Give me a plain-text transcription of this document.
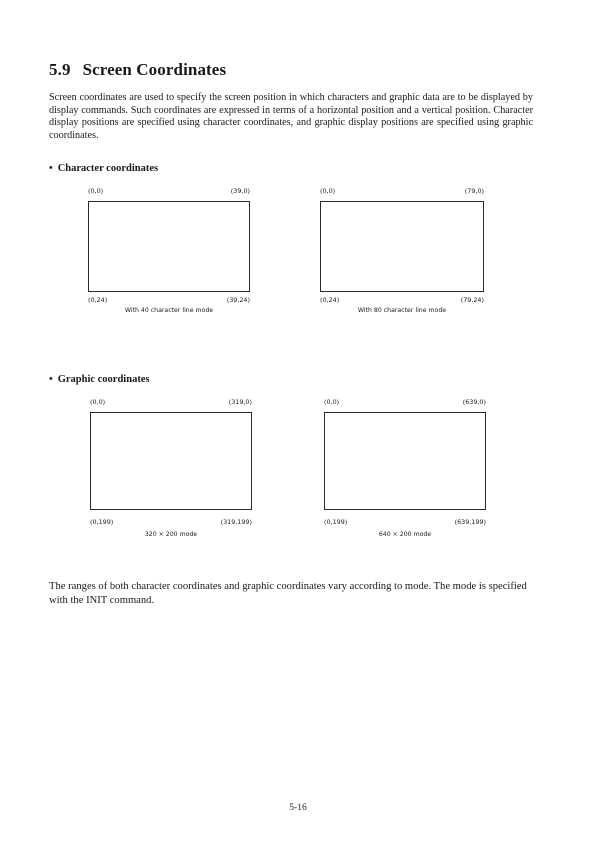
5.9 Screen Coordinates

Screen coordinates are used to specify the screen position in which characters and graphic data are to be displayed by display commands. Such coordinates are expressed in terms of a horizontal position and a vertical position. Character display positions are specified using character coordinates, and graphic display positions are specified using graphic coordinates.

• Character coordinates

(0,0)	(39,0)
(0,24)	(39,24)
With 40 character line mode
(0,0)	(79,0)
(0,24)	(79,24)
With 80 character line mode

• Graphic coordinates

(0,0)	(319,0)
(0,199)	(319,199)
320 × 200 mode
(0,0)	(639,0)
(0,199)	(639,199)
640 × 200 mode

The ranges of both character coordinates and graphic coordinates vary according to mode. The mode is specified with the INIT command.

5-16
